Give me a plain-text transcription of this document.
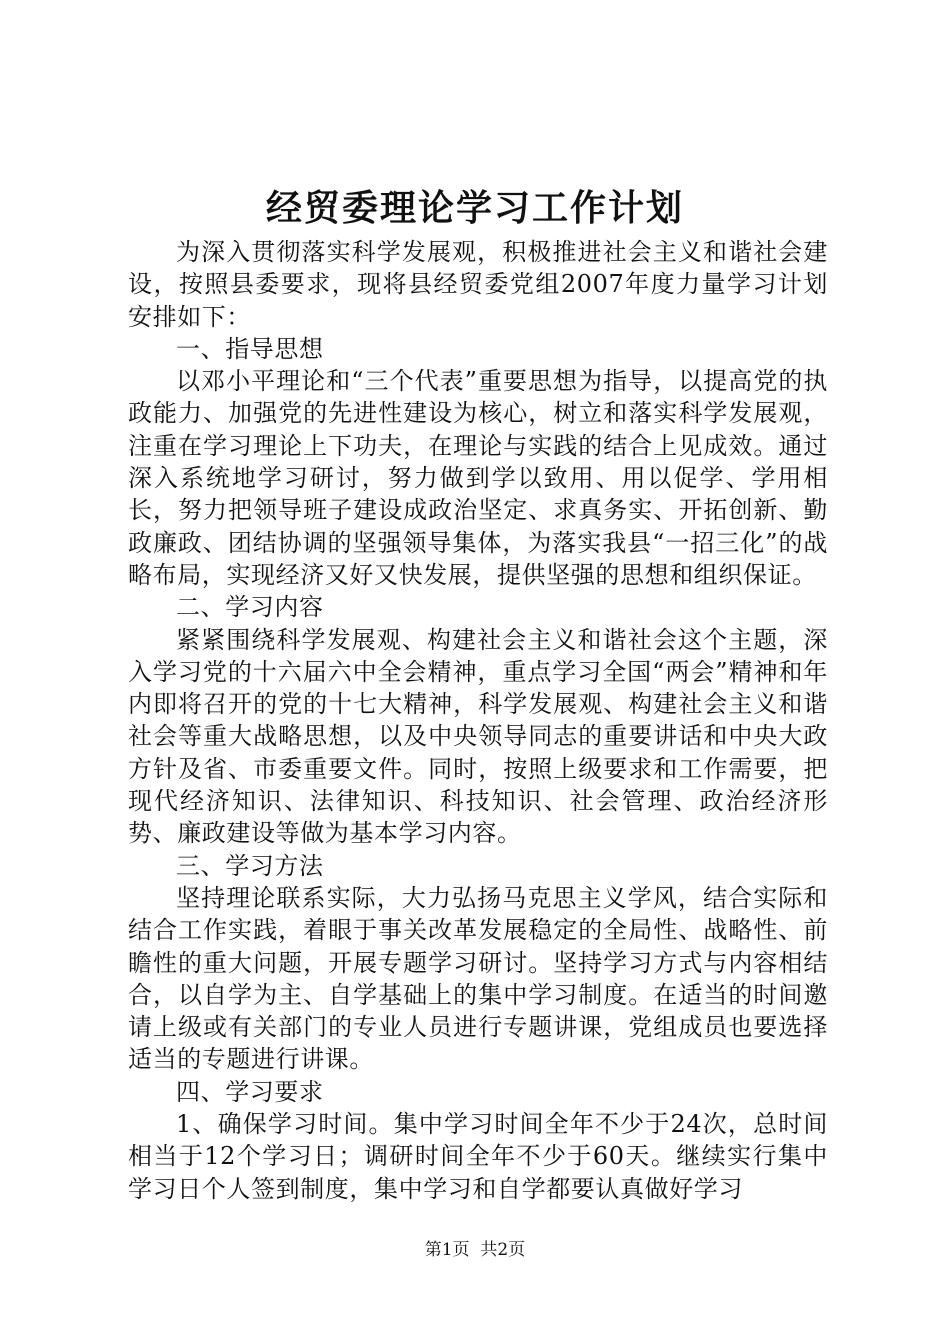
经贸委理论学习工作计划

为深入贯彻落实科学发展观，积极推进社会主义和谐社会建设，按照县委要求，现将县经贸委党组2007年度力量学习计划安排如下：

一、指导思想

以邓小平理论和“三个代表”重要思想为指导，以提高党的执政能力、加强党的先进性建设为核心，树立和落实科学发展观，注重在学习理论上下功夫，在理论与实践的结合上见成效。通过深入系统地学习研讨，努力做到学以致用、用以促学、学用相长，努力把领导班子建设成政治坚定、求真务实、开拓创新、勤政廉政、团结协调的坚强领导集体，为落实我县“一招三化”的战略布局，实现经济又好又快发展，提供坚强的思想和组织保证。

二、学习内容

紧紧围绕科学发展观、构建社会主义和谐社会这个主题，深入学习党的十六届六中全会精神，重点学习全国“两会”精神和年内即将召开的党的十七大精神，科学发展观、构建社会主义和谐社会等重大战略思想，以及中央领导同志的重要讲话和中央大政方针及省、市委重要文件。同时，按照上级要求和工作需要，把现代经济知识、法律知识、科技知识、社会管理、政治经济形势、廉政建设等做为基本学习内容。

三、学习方法

坚持理论联系实际，大力弘扬马克思主义学风，结合实际和结合工作实践，着眼于事关改革发展稳定的全局性、战略性、前瞻性的重大问题，开展专题学习研讨。坚持学习方式与内容相结合，以自学为主、自学基础上的集中学习制度。在适当的时间邀请上级或有关部门的专业人员进行专题讲课，党组成员也要选择适当的专题进行讲课。

四、学习要求

1、确保学习时间。集中学习时间全年不少于24次，总时间相当于12个学习日；调研时间全年不少于60天。继续实行集中学习日个人签到制度，集中学习和自学都要认真做好学习

第1页 共2页
